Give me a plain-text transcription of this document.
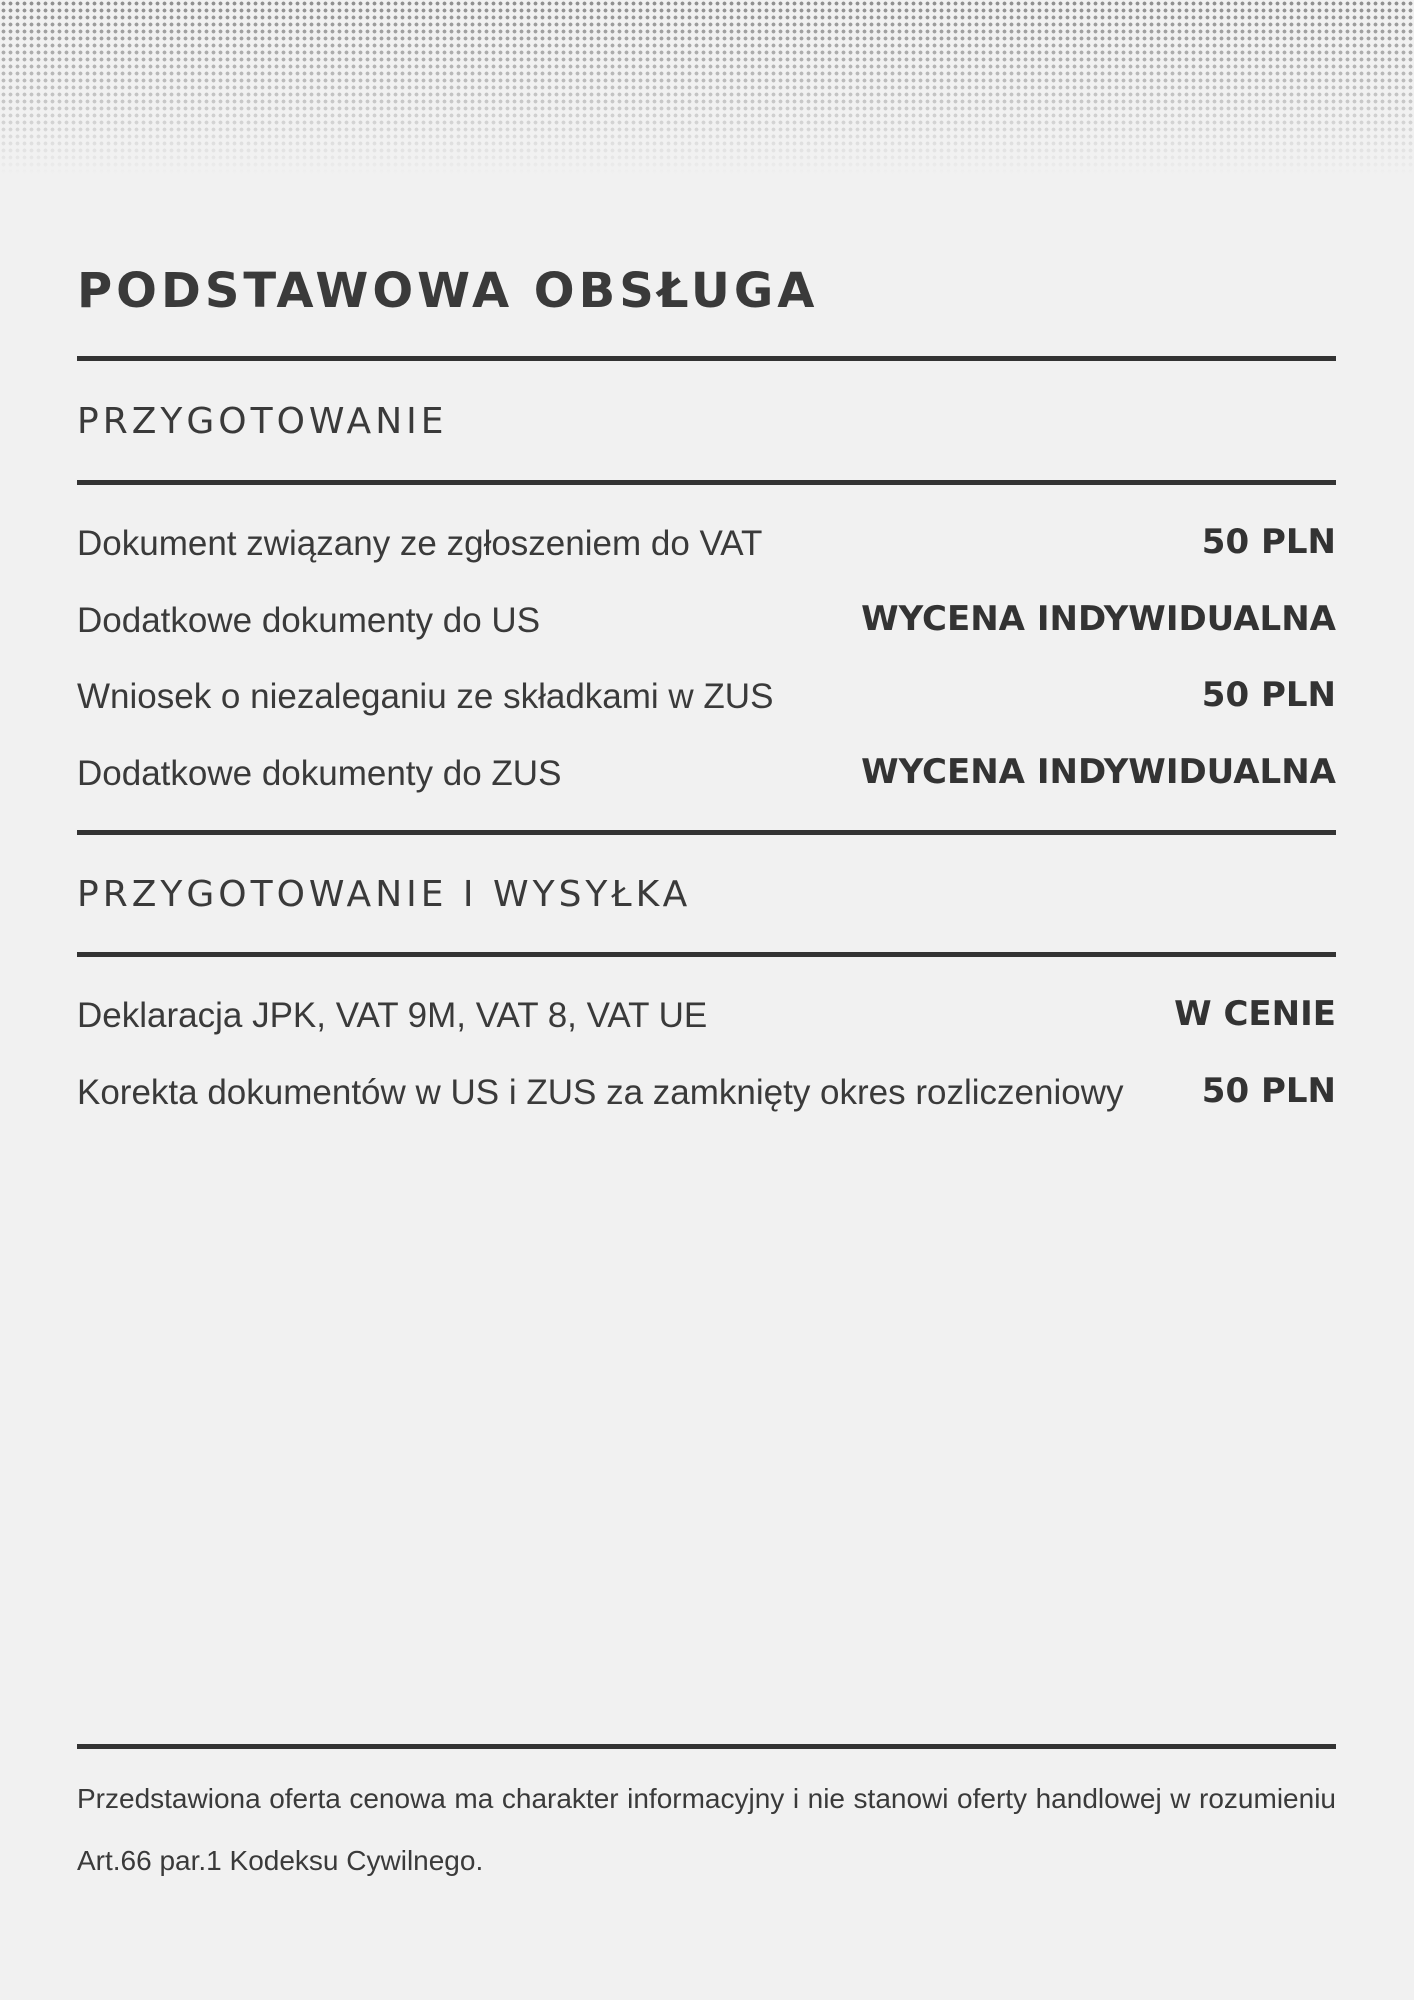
PODSTAWOWA OBSŁUGA
PRZYGOTOWANIE
Dokument związany ze zgłoszeniem do VAT	50 PLN
Dodatkowe dokumenty do US	WYCENA INDYWIDUALNA
Wniosek o niezaleganiu ze składkami w ZUS	50 PLN
Dodatkowe dokumenty do ZUS	WYCENA INDYWIDUALNA
PRZYGOTOWANIE I WYSYŁKA
Deklaracja JPK, VAT 9M, VAT 8, VAT UE	W CENIE
Korekta dokumentów w US i ZUS za zamknięty okres rozliczeniowy 50 PLN

Przedstawiona oferta cenowa ma charakter informacyjny i nie stanowi oferty handlowej w rozumieniu Art.66 par.1 Kodeksu Cywilnego.
